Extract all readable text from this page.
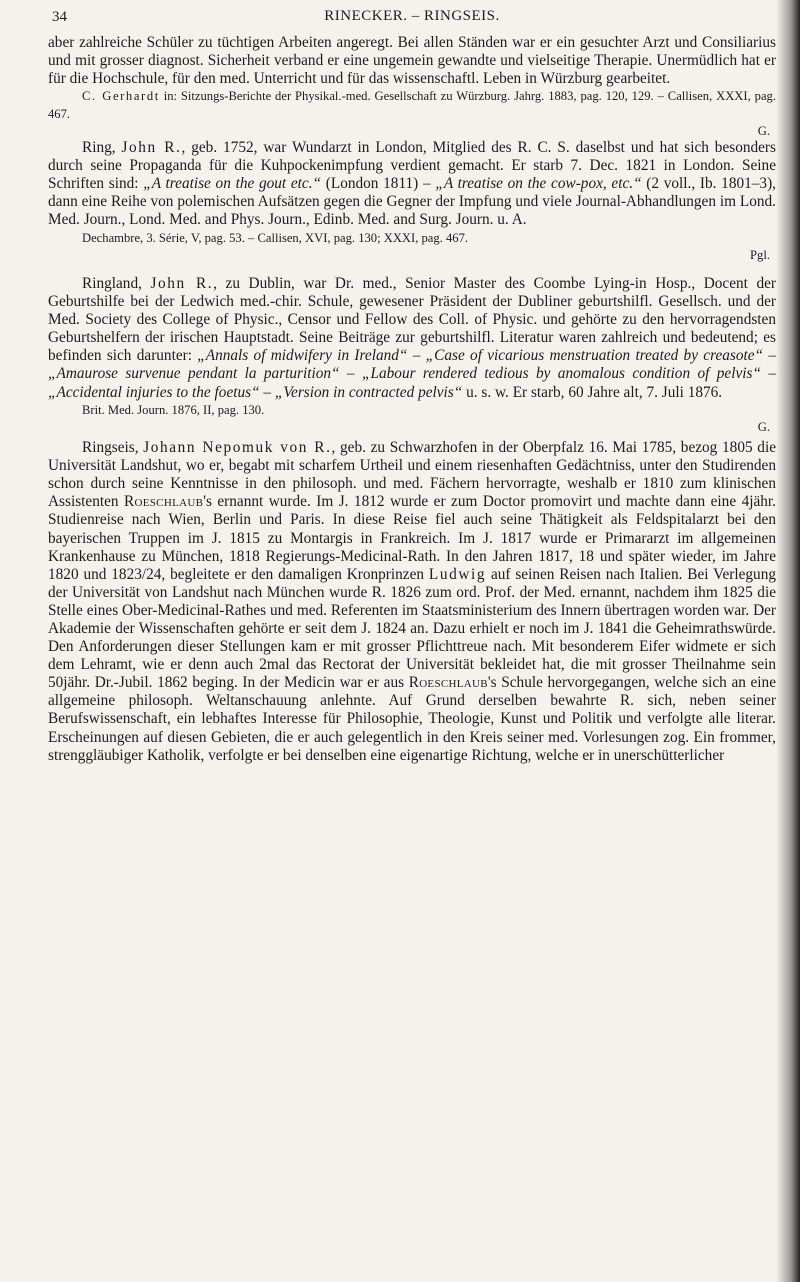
34	RINECKER. – RINGSEIS.

aber zahlreiche Schüler zu tüchtigen Arbeiten angeregt. Bei allen Ständen war er ein gesuchter Arzt und Consiliarius und mit grosser diagnost. Sicherheit verband er eine ungemein gewandte und vielseitige Therapie. Unermüdlich hat er für die Hochschule, für den med. Unterricht und für das wissenschaftl. Leben in Würzburg gearbeitet.

C. Gerhardt in: Sitzungs-Berichte der Physikal.-med. Gesellschaft zu Würzburg. Jahrg. 1883, pag. 120, 129. – Callisen, XXXI, pag. 467.

G.

Ring, John R., geb. 1752, war Wundarzt in London, Mitglied des R. C. S. daselbst und hat sich besonders durch seine Propaganda für die Kuhpockenimpfung verdient gemacht. Er starb 7. Dec. 1821 in London. Seine Schriften sind: „A treatise on the gout etc.“ (London 1811) – „A treatise on the cow-pox, etc.“ (2 voll., Ib. 1801–3), dann eine Reihe von polemischen Aufsätzen gegen die Gegner der Impfung und viele Journal-Abhandlungen im Lond. Med. Journ., Lond. Med. and Phys. Journ., Edinb. Med. and Surg. Journ. u. A.

Dechambre, 3. Série, V, pag. 53. – Callisen, XVI, pag. 130; XXXI, pag. 467.

Pgl.

Ringland, John R., zu Dublin, war Dr. med., Senior Master des Coombe Lying-in Hosp., Docent der Geburtshilfe bei der Ledwich med.-chir. Schule, gewesener Präsident der Dubliner geburtshilfl. Gesellsch. und der Med. Society des College of Physic., Censor und Fellow des Coll. of Physic. und gehörte zu den hervorragendsten Geburtshelfern der irischen Hauptstadt. Seine Beiträge zur geburtshilfl. Literatur waren zahlreich und bedeutend; es befinden sich darunter: „Annals of midwifery in Ireland“ – „Case of vicarious menstruation treated by creasote“ – „Amaurose survenue pendant la parturition“ – „Labour rendered tedious by anomalous condition of pelvis“ – „Accidental injuries to the foetus“ – „Version in contracted pelvis“ u. s. w. Er starb, 60 Jahre alt, 7. Juli 1876.

Brit. Med. Journ. 1876, II, pag. 130.

G.

Ringseis, Johann Nepomuk von R., geb. zu Schwarzhofen in der Oberpfalz 16. Mai 1785, bezog 1805 die Universität Landshut, wo er, begabt mit scharfem Urtheil und einem riesenhaften Gedächtniss, unter den Studirenden schon durch seine Kenntnisse in den philosoph. und med. Fächern hervorragte, weshalb er 1810 zum klinischen Assistenten Roeschlaub's ernannt wurde. Im J. 1812 wurde er zum Doctor promovirt und machte dann eine 4jähr. Studienreise nach Wien, Berlin und Paris. In diese Reise fiel auch seine Thätigkeit als Feldspitalarzt bei den bayerischen Truppen im J. 1815 zu Montargis in Frankreich. Im J. 1817 wurde er Primararzt im allgemeinen Krankenhause zu München, 1818 Regierungs-Medicinal-Rath. In den Jahren 1817, 18 und später wieder, im Jahre 1820 und 1823/24, begleitete er den damaligen Kronprinzen Ludwig auf seinen Reisen nach Italien. Bei Verlegung der Universität von Landshut nach München wurde R. 1826 zum ord. Prof. der Med. ernannt, nachdem ihm 1825 die Stelle eines Ober-Medicinal-Rathes und med. Referenten im Staatsministerium des Innern übertragen worden war. Der Akademie der Wissenschaften gehörte er seit dem J. 1824 an. Dazu erhielt er noch im J. 1841 die Geheimrathswürde. Den Anforderungen dieser Stellungen kam er mit grosser Pflichttreue nach. Mit besonderem Eifer widmete er sich dem Lehramt, wie er denn auch 2mal das Rectorat der Universität bekleidet hat, die mit grosser Theilnahme sein 50jähr. Dr.-Jubil. 1862 beging. In der Medicin war er aus Roeschlaub's Schule hervorgegangen, welche sich an eine allgemeine philosoph. Weltanschauung anlehnte. Auf Grund derselben bewahrte R. sich, neben seiner Berufswissenschaft, ein lebhaftes Interesse für Philosophie, Theologie, Kunst und Politik und verfolgte alle literar. Erscheinungen auf diesen Gebieten, die er auch gelegentlich in den Kreis seiner med. Vorlesungen zog. Ein frommer, strenggläubiger Katholik, verfolgte er bei denselben eine eigenartige Richtung, welche er in unerschütterlicher
